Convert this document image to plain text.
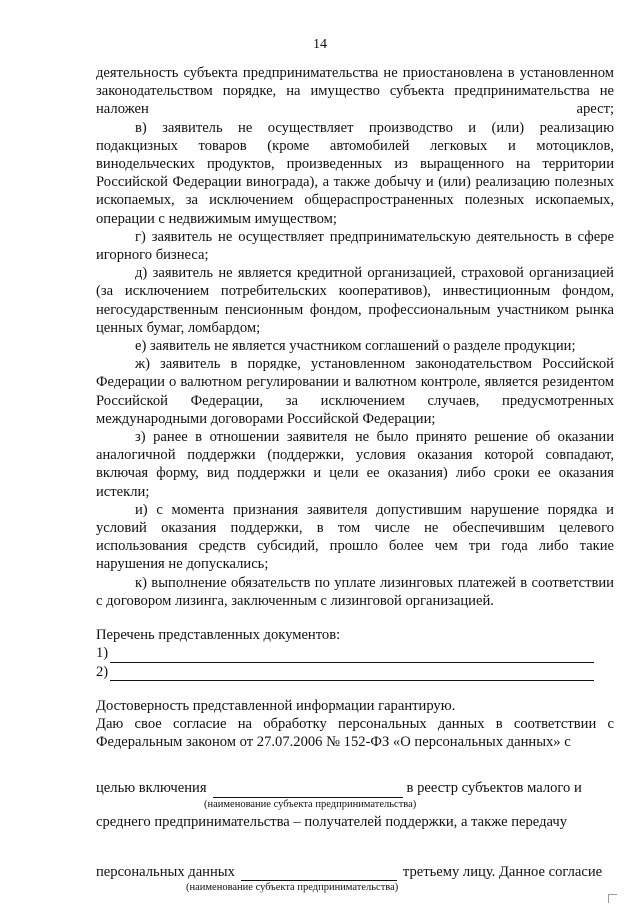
14

деятельность субъекта предпринимательства не приостановлена в установленном законодательством порядке, на имущество субъекта предпринимательства не наложен арест;

в) заявитель не осуществляет производство и (или) реализацию подакцизных товаров (кроме автомобилей легковых и мотоциклов, винодельческих продуктов, произведенных из выращенного на территории Российской Федерации винограда), а также добычу и (или) реализацию полезных ископаемых, за исключением общераспространенных полезных ископаемых, операции с недвижимым имуществом;

г) заявитель не осуществляет предпринимательскую деятельность в сфере игорного бизнеса;

д) заявитель не является кредитной организацией, страховой организацией (за исключением потребительских кооперативов), инвестиционным фондом, негосударственным пенсионным фондом, профессиональным участником рынка ценных бумаг, ломбардом;

е) заявитель не является участником соглашений о разделе продукции;

ж) заявитель в порядке, установленном законодательством Российской Федерации о валютном регулировании и валютном контроле, является резидентом Российской Федерации, за исключением случаев, предусмотренных международными договорами Российской Федерации;

з) ранее в отношении заявителя не было принято решение об оказании аналогичной поддержки (поддержки, условия оказания которой совпадают, включая форму, вид поддержки и цели ее оказания) либо сроки ее оказания истекли;

и) с момента признания заявителя допустившим нарушение порядка и условий оказания поддержки, в том числе не обеспечившим целевого использования средств субсидий, прошло более чем три года либо такие нарушения не допускались;

к) выполнение обязательств по уплате лизинговых платежей в соответствии с договором лизинга, заключенным с лизинговой организацией.

Перечень представленных документов:

1)
2)

Достоверность представленной информации гарантирую.

Даю свое согласие на обработку персональных данных в соответствии с Федеральным законом от 27.07.2006 № 152-ФЗ «О персональных данных» с

целью включения	в реестр субъектов малого и
(наименование субъекта предпринимательства)

среднего предпринимательства – получателей поддержки, а также передачу

персональных данных	третьему лицу. Данное согласие
(наименование субъекта предпринимательства)
